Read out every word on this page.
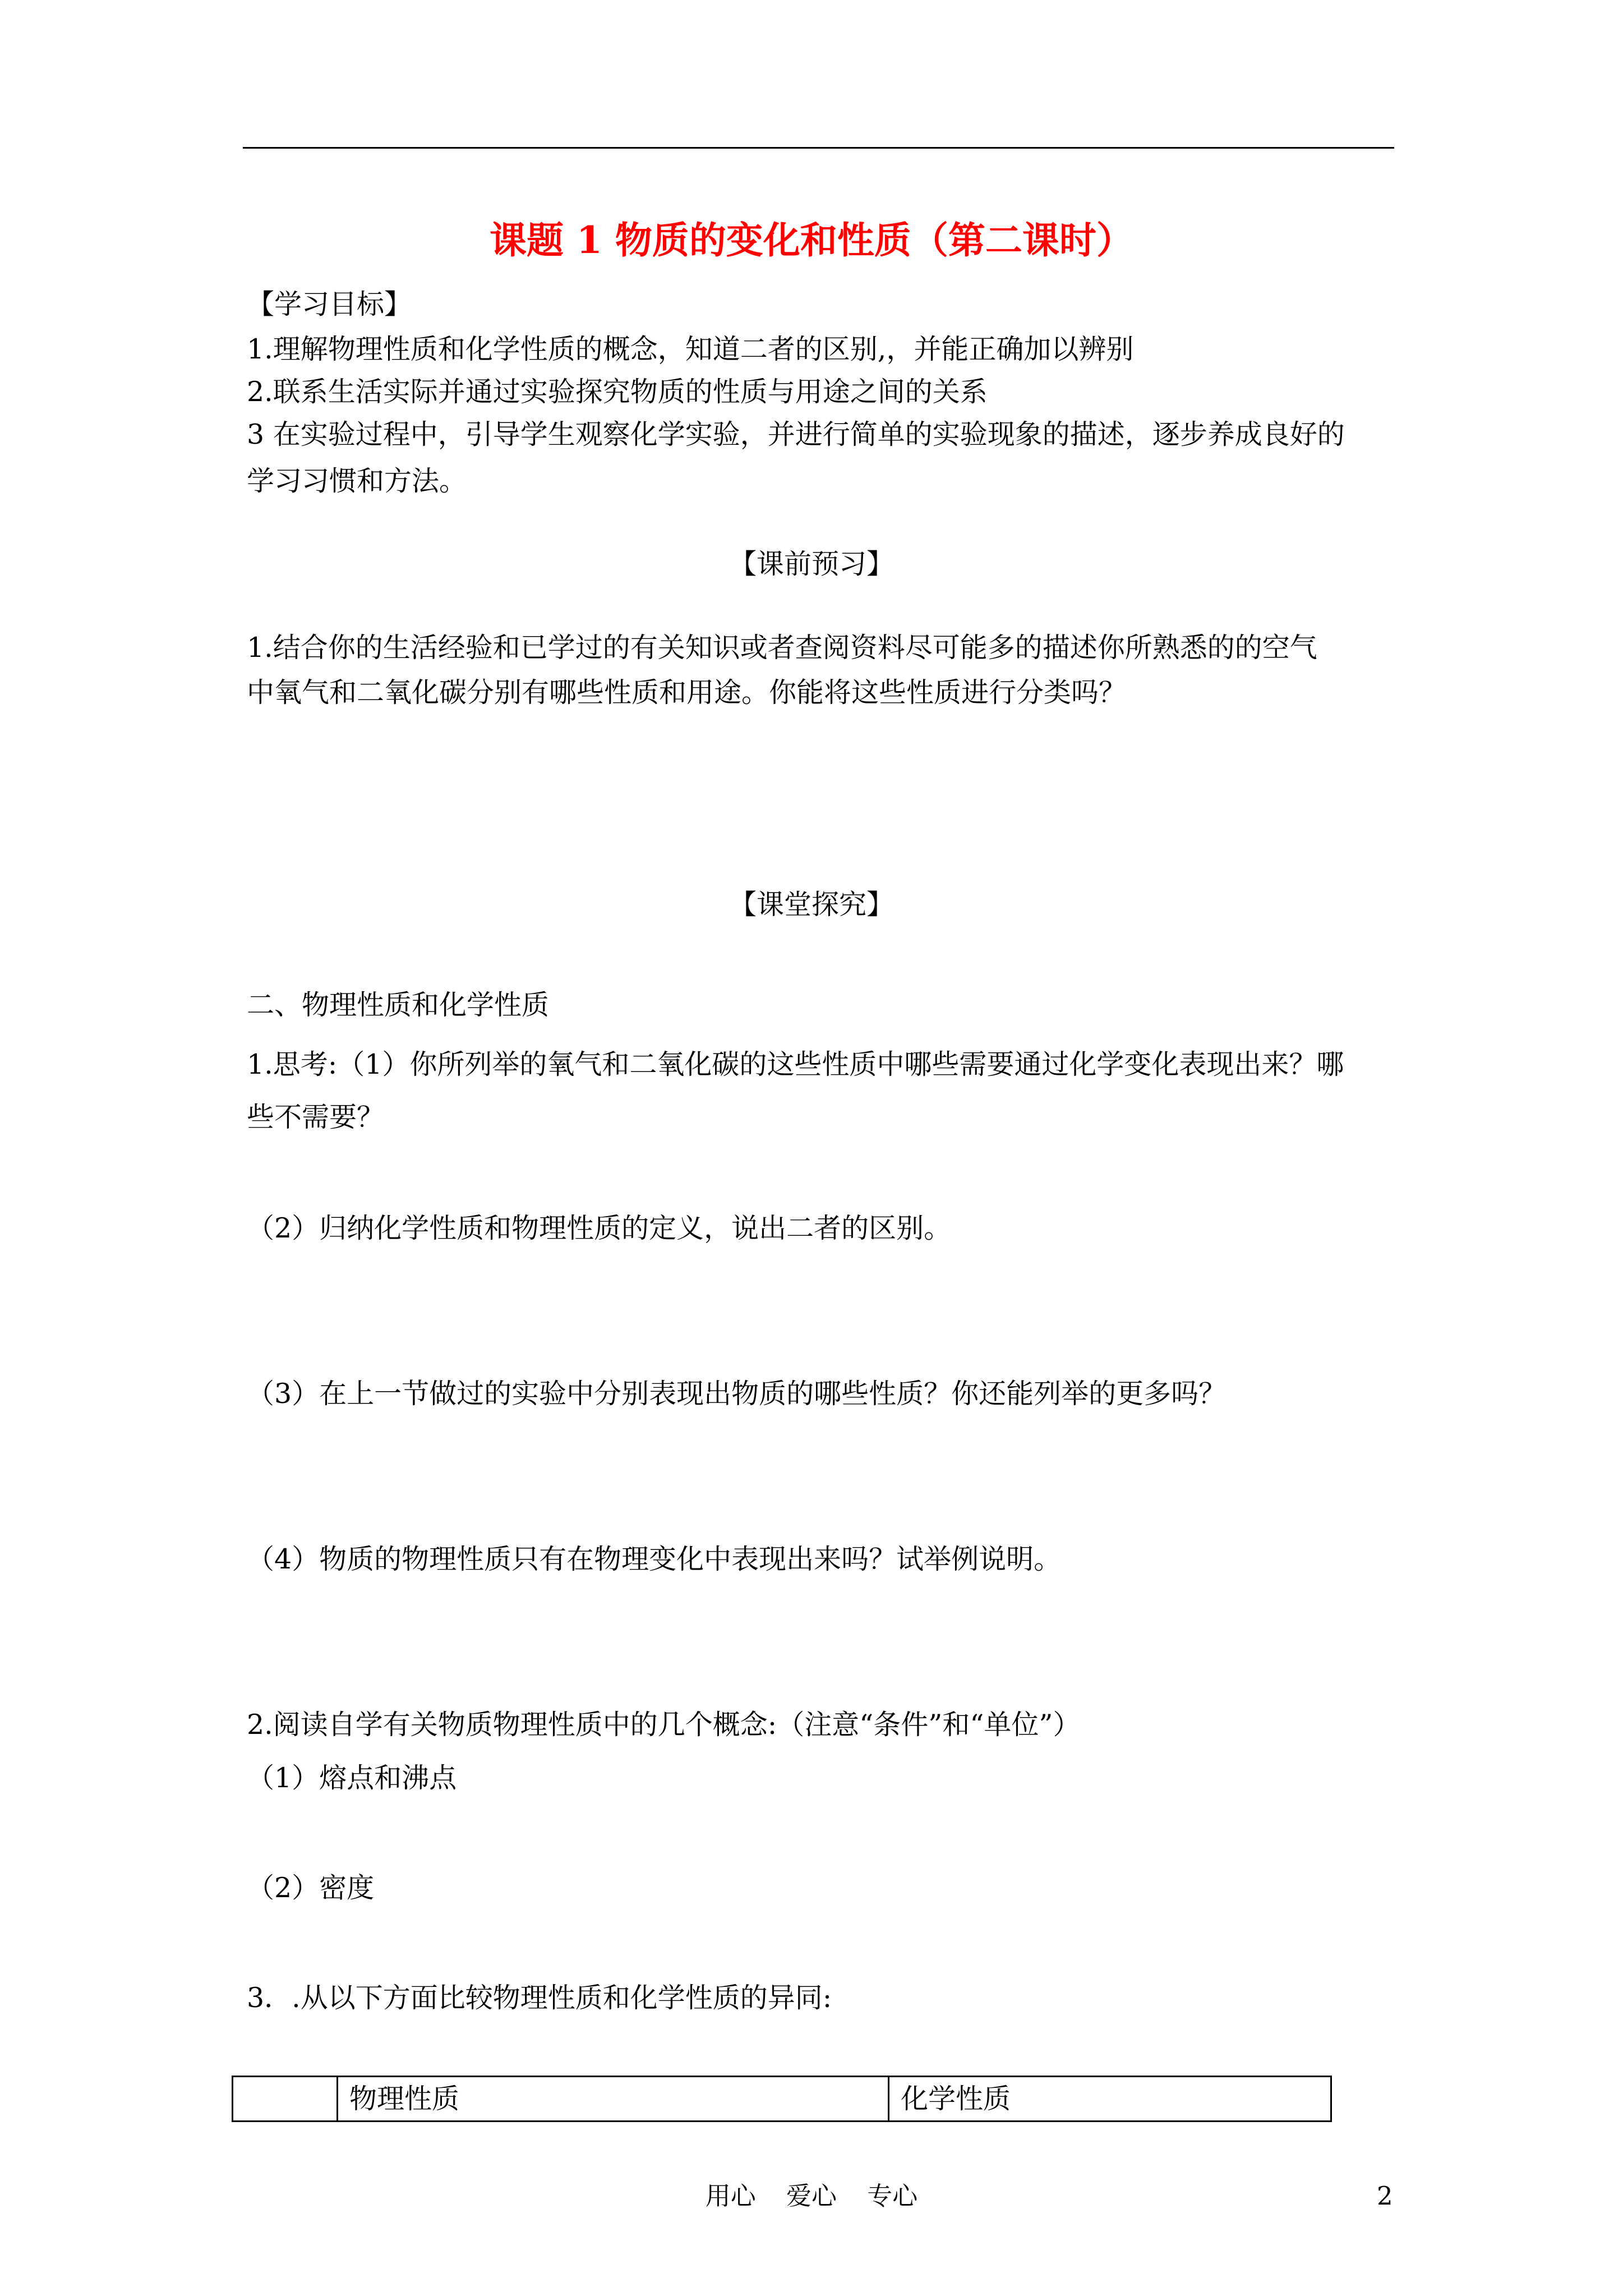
课题 1 物质的变化和性质（第二课时）
【学习目标】
1.理解物理性质和化学性质的概念，知道二者的区别,，并能正确加以辨别
2.联系生活实际并通过实验探究物质的性质与用途之间的关系
3 在实验过程中，引导学生观察化学实验，并进行简单的实验现象的描述，逐步养成良好的
学习习惯和方法。
【课前预习】
1.结合你的生活经验和已学过的有关知识或者查阅资料尽可能多的描述你所熟悉的的空气
中氧气和二氧化碳分别有哪些性质和用途。你能将这些性质进行分类吗？
【课堂探究】
二、物理性质和化学性质
1.思考:（1）你所列举的氧气和二氧化碳的这些性质中哪些需要通过化学变化表现出来？哪
些不需要？
（2）归纳化学性质和物理性质的定义，说出二者的区别。
（3）在上一节做过的实验中分别表现出物质的哪些性质？你还能列举的更多吗？
（4）物质的物理性质只有在物理变化中表现出来吗？试举例说明。
2.阅读自学有关物质物理性质中的几个概念:（注意“条件”和“单位”）
（1）熔点和沸点
（2）密度
3．.从以下方面比较物理性质和化学性质的异同:
物理性质	化学性质
用心 爱心 专心	2
